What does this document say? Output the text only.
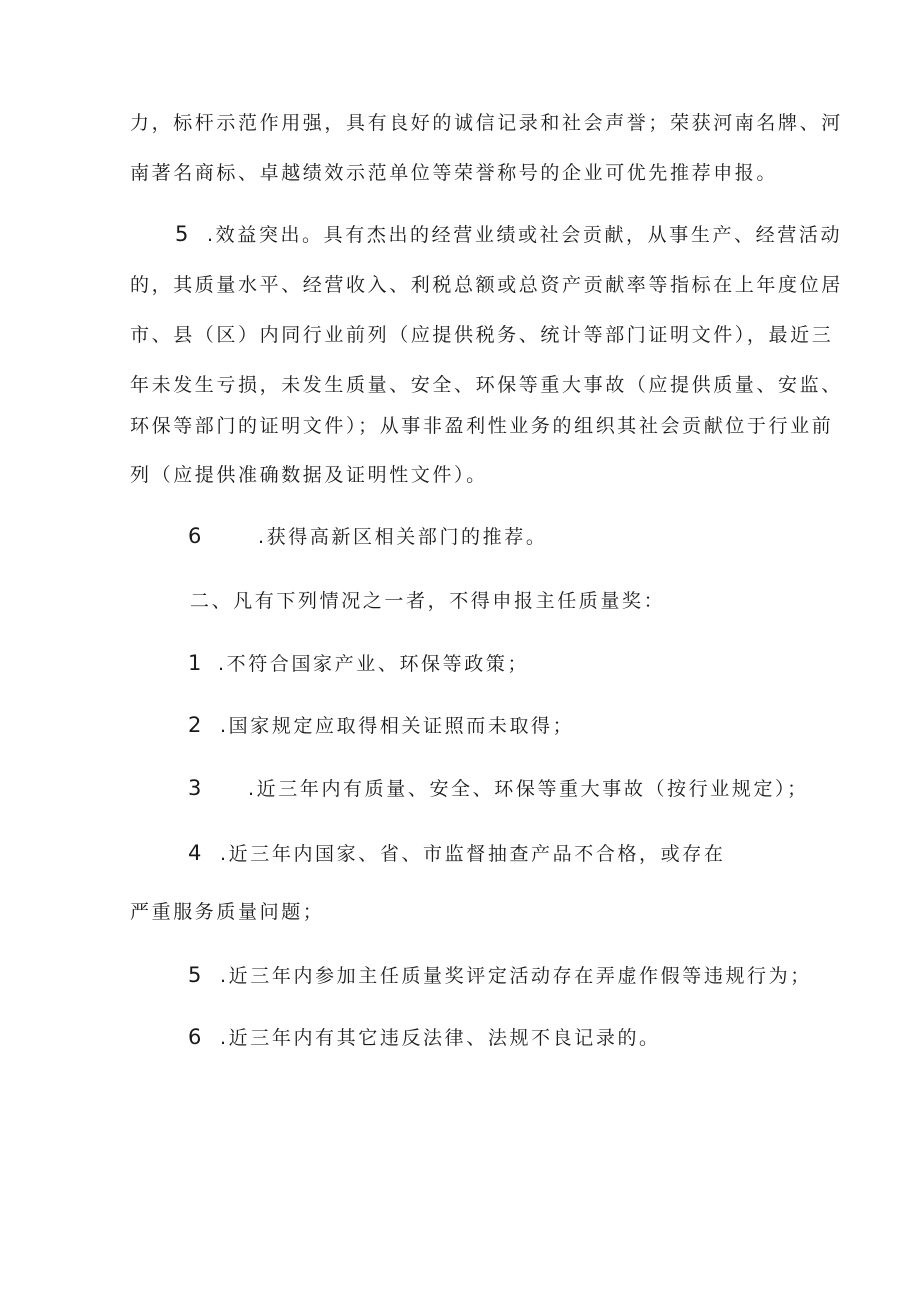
力，标杆示范作用强，具有良好的诚信记录和社会声誉；荣获河南名牌、河
南著名商标、卓越绩效示范单位等荣誉称号的企业可优先推荐申报。
5 .效益突出。具有杰出的经营业绩或社会贡献，从事生产、经营活动
的，其质量水平、经营收入、利税总额或总资产贡献率等指标在上年度位居
市、县（区）内同行业前列（应提供税务、统计等部门证明文件），最近三
年未发生亏损，未发生质量、安全、环保等重大事故（应提供质量、安监、
环保等部门的证明文件）；从事非盈利性业务的组织其社会贡献位于行业前
列（应提供准确数据及证明性文件）。
6	.获得高新区相关部门的推荐。
二、凡有下列情况之一者，不得申报主任质量奖：
1 .不符合国家产业、环保等政策；
2 .国家规定应取得相关证照而未取得；
3 .近三年内有质量、安全、环保等重大事故（按行业规定）；
4 .近三年内国家、省、市监督抽查产品不合格，或存在
严重服务质量问题；
5 .近三年内参加主任质量奖评定活动存在弄虚作假等违规行为；
6 .近三年内有其它违反法律、法规不良记录的。
